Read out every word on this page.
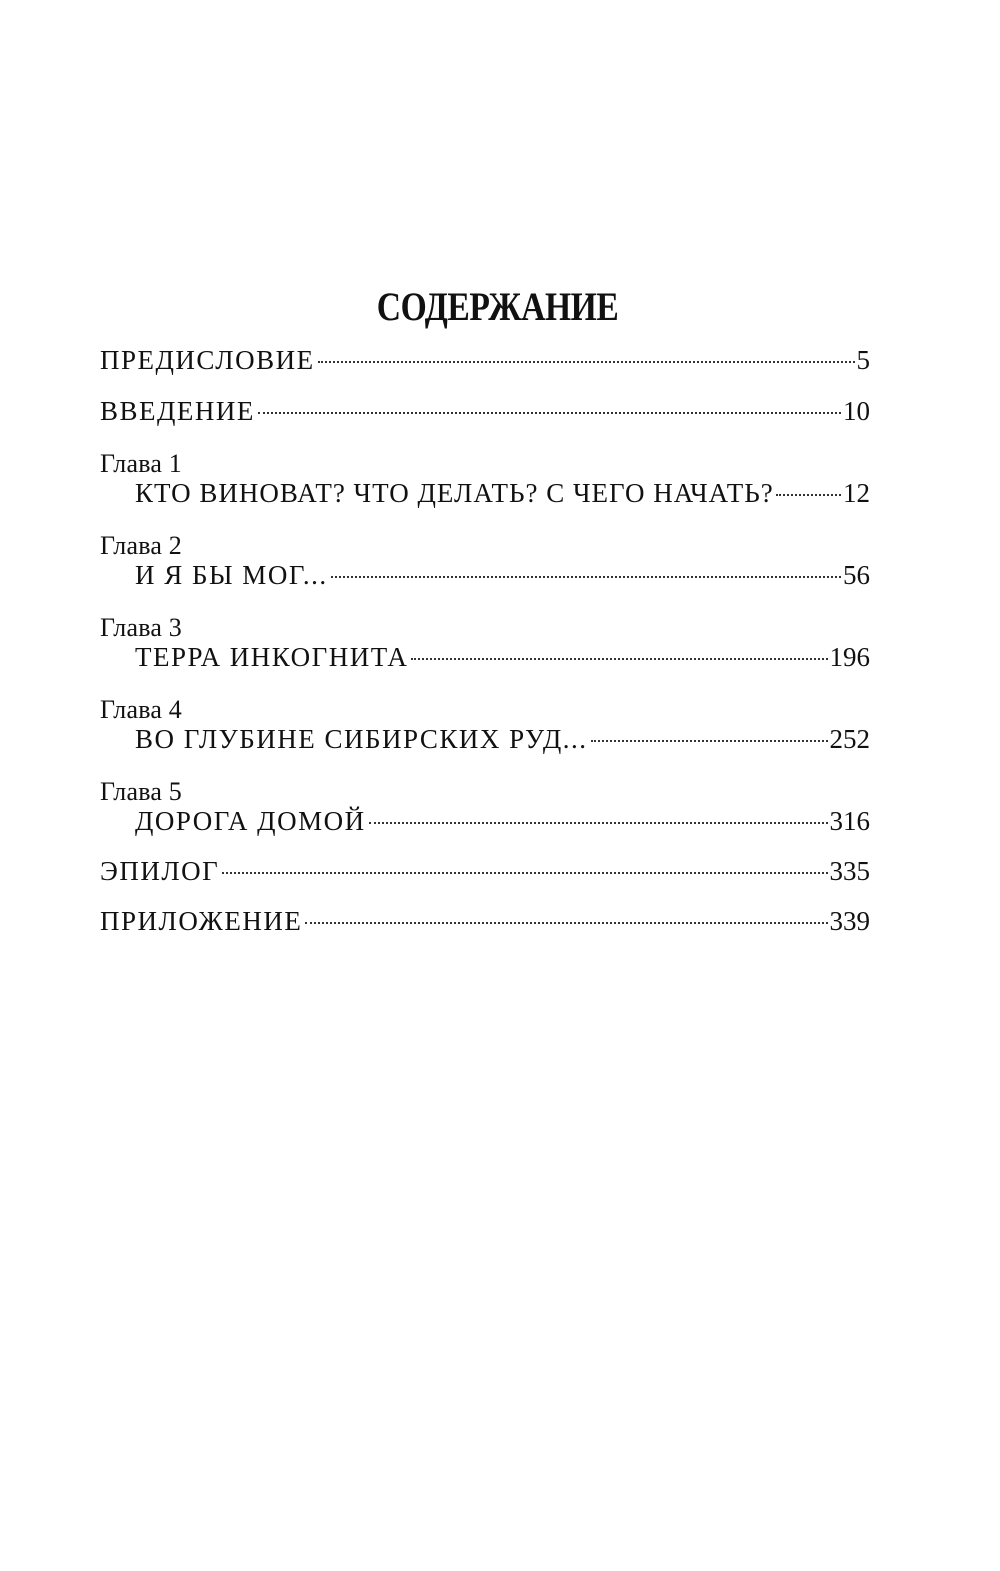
СОДЕРЖАНИЕ
ПРЕДИСЛОВИЕ	5
ВВЕДЕНИЕ	10
Глава 1
КТО ВИНОВАТ? ЧТО ДЕЛАТЬ? С ЧЕГО НАЧАТЬ?	12
Глава 2
И Я БЫ МОГ...	56
Глава 3
ТЕРРА ИНКОГНИТА	196
Глава 4
ВО ГЛУБИНЕ СИБИРСКИХ РУД...	252
Глава 5
ДОРОГА ДОМОЙ	316
ЭПИЛОГ	335
ПРИЛОЖЕНИЕ	339
